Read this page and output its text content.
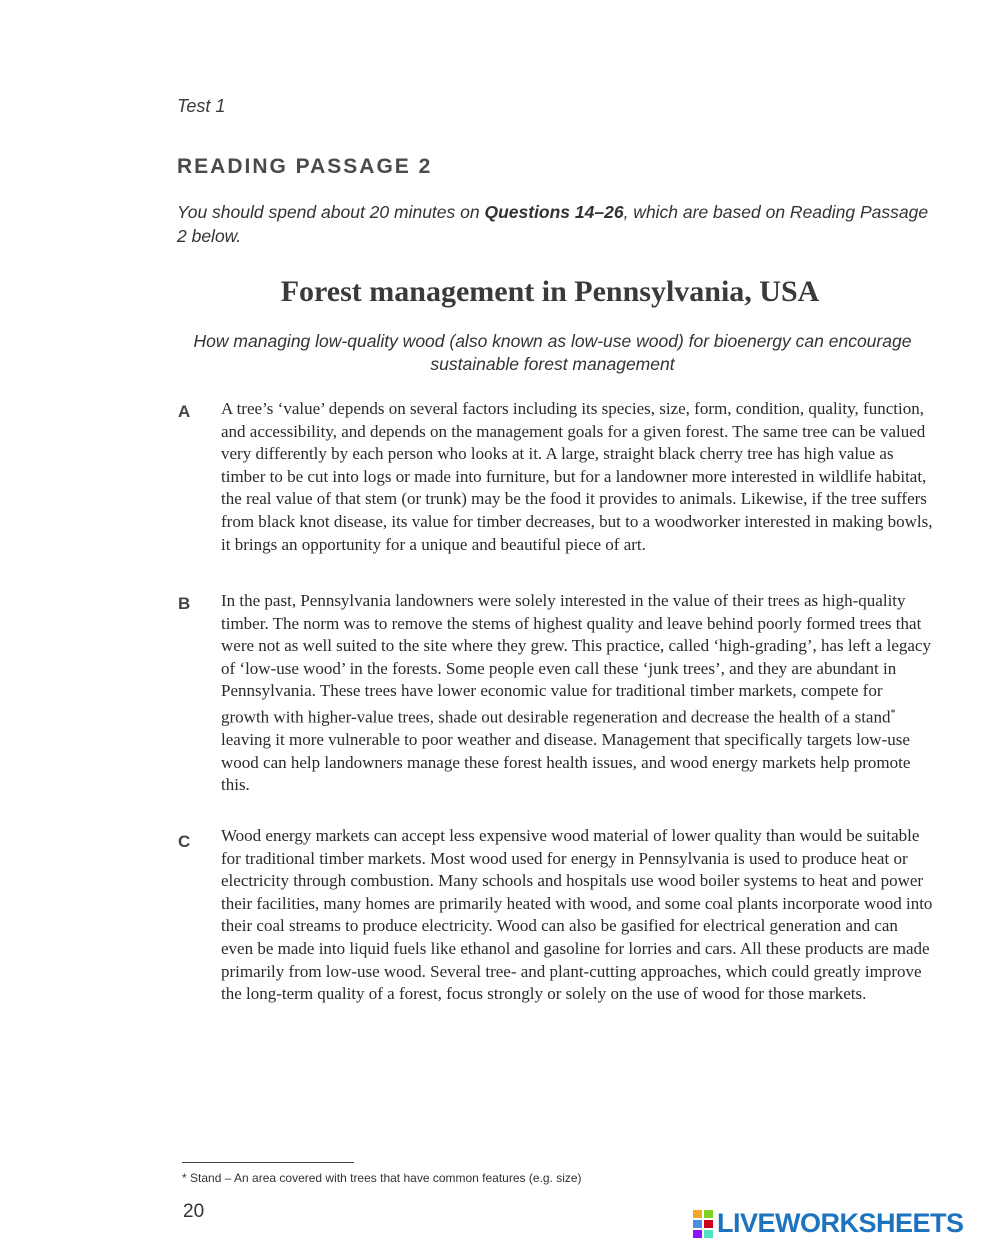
Test 1
READING PASSAGE 2
You should spend about 20 minutes on Questions 14–26, which are based on Reading Passage 2 below.
Forest management in Pennsylvania, USA
How managing low-quality wood (also known as low-use wood) for bioenergy can encourage sustainable forest management
A A tree’s ‘value’ depends on several factors including its species, size, form, condition, quality, function, and accessibility, and depends on the management goals for a given forest. The same tree can be valued very differently by each person who looks at it. A large, straight black cherry tree has high value as timber to be cut into logs or made into furniture, but for a landowner more interested in wildlife habitat, the real value of that stem (or trunk) may be the food it provides to animals. Likewise, if the tree suffers from black knot disease, its value for timber decreases, but to a woodworker interested in making bowls, it brings an opportunity for a unique and beautiful piece of art.
B In the past, Pennsylvania landowners were solely interested in the value of their trees as high-quality timber. The norm was to remove the stems of highest quality and leave behind poorly formed trees that were not as well suited to the site where they grew. This practice, called ‘high-grading’, has left a legacy of ‘low-use wood’ in the forests. Some people even call these ‘junk trees’, and they are abundant in Pennsylvania. These trees have lower economic value for traditional timber markets, compete for growth with higher-value trees, shade out desirable regeneration and decrease the health of a stand* leaving it more vulnerable to poor weather and disease. Management that specifically targets low-use wood can help landowners manage these forest health issues, and wood energy markets help promote this.
C Wood energy markets can accept less expensive wood material of lower quality than would be suitable for traditional timber markets. Most wood used for energy in Pennsylvania is used to produce heat or electricity through combustion. Many schools and hospitals use wood boiler systems to heat and power their facilities, many homes are primarily heated with wood, and some coal plants incorporate wood into their coal streams to produce electricity. Wood can also be gasified for electrical generation and can even be made into liquid fuels like ethanol and gasoline for lorries and cars. All these products are made primarily from low-use wood. Several tree- and plant-cutting approaches, which could greatly improve the long-term quality of a forest, focus strongly or solely on the use of wood for those markets.
* Stand – An area covered with trees that have common features (e.g. size)
20	LIVEWORKSHEETS
